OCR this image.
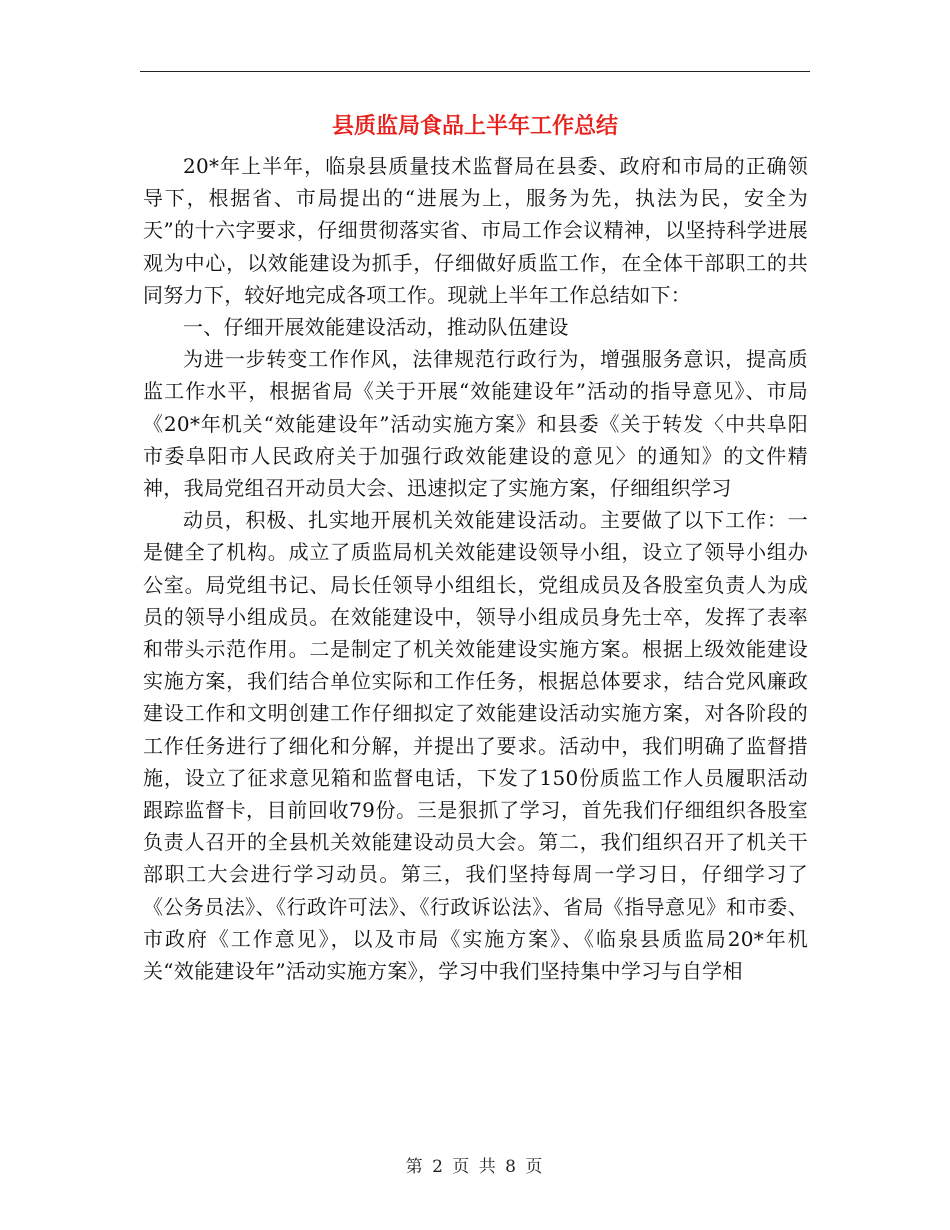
县质监局食品上半年工作总结

20*年上半年，临泉县质量技术监督局在县委、政府和市局的正确领导下，根据省、市局提出的“进展为上，服务为先，执法为民，安全为天”的十六字要求，仔细贯彻落实省、市局工作会议精神，以坚持科学进展观为中心，以效能建设为抓手，仔细做好质监工作，在全体干部职工的共同努力下，较好地完成各项工作。现就上半年工作总结如下：

一、仔细开展效能建设活动，推动队伍建设

为进一步转变工作作风，法律规范行政行为，增强服务意识，提高质监工作水平，根据省局《关于开展“效能建设年”活动的指导意见》、市局《20*年机关“效能建设年”活动实施方案》和县委《关于转发〈中共阜阳市委阜阳市人民政府关于加强行政效能建设的意见〉的通知》的文件精神，我局党组召开动员大会、迅速拟定了实施方案，仔细组织学习

动员，积极、扎实地开展机关效能建设活动。主要做了以下工作：一是健全了机构。成立了质监局机关效能建设领导小组，设立了领导小组办公室。局党组书记、局长任领导小组组长，党组成员及各股室负责人为成员的领导小组成员。在效能建设中，领导小组成员身先士卒，发挥了表率和带头示范作用。二是制定了机关效能建设实施方案。根据上级效能建设实施方案，我们结合单位实际和工作任务，根据总体要求，结合党风廉政建设工作和文明创建工作仔细拟定了效能建设活动实施方案，对各阶段的工作任务进行了细化和分解，并提出了要求。活动中，我们明确了监督措施，设立了征求意见箱和监督电话，下发了150份质监工作人员履职活动跟踪监督卡，目前回收79份。三是狠抓了学习，首先我们仔细组织各股室负责人召开的全县机关效能建设动员大会。第二，我们组织召开了机关干部职工大会进行学习动员。第三，我们坚持每周一学习日，仔细学习了《公务员法》、《行政许可法》、《行政诉讼法》、省局《指导意见》和市委、市政府《工作意见》，以及市局《实施方案》、《临泉县质监局20*年机关“效能建设年”活动实施方案》，学习中我们坚持集中学习与自学相

第 2 页 共 8 页
